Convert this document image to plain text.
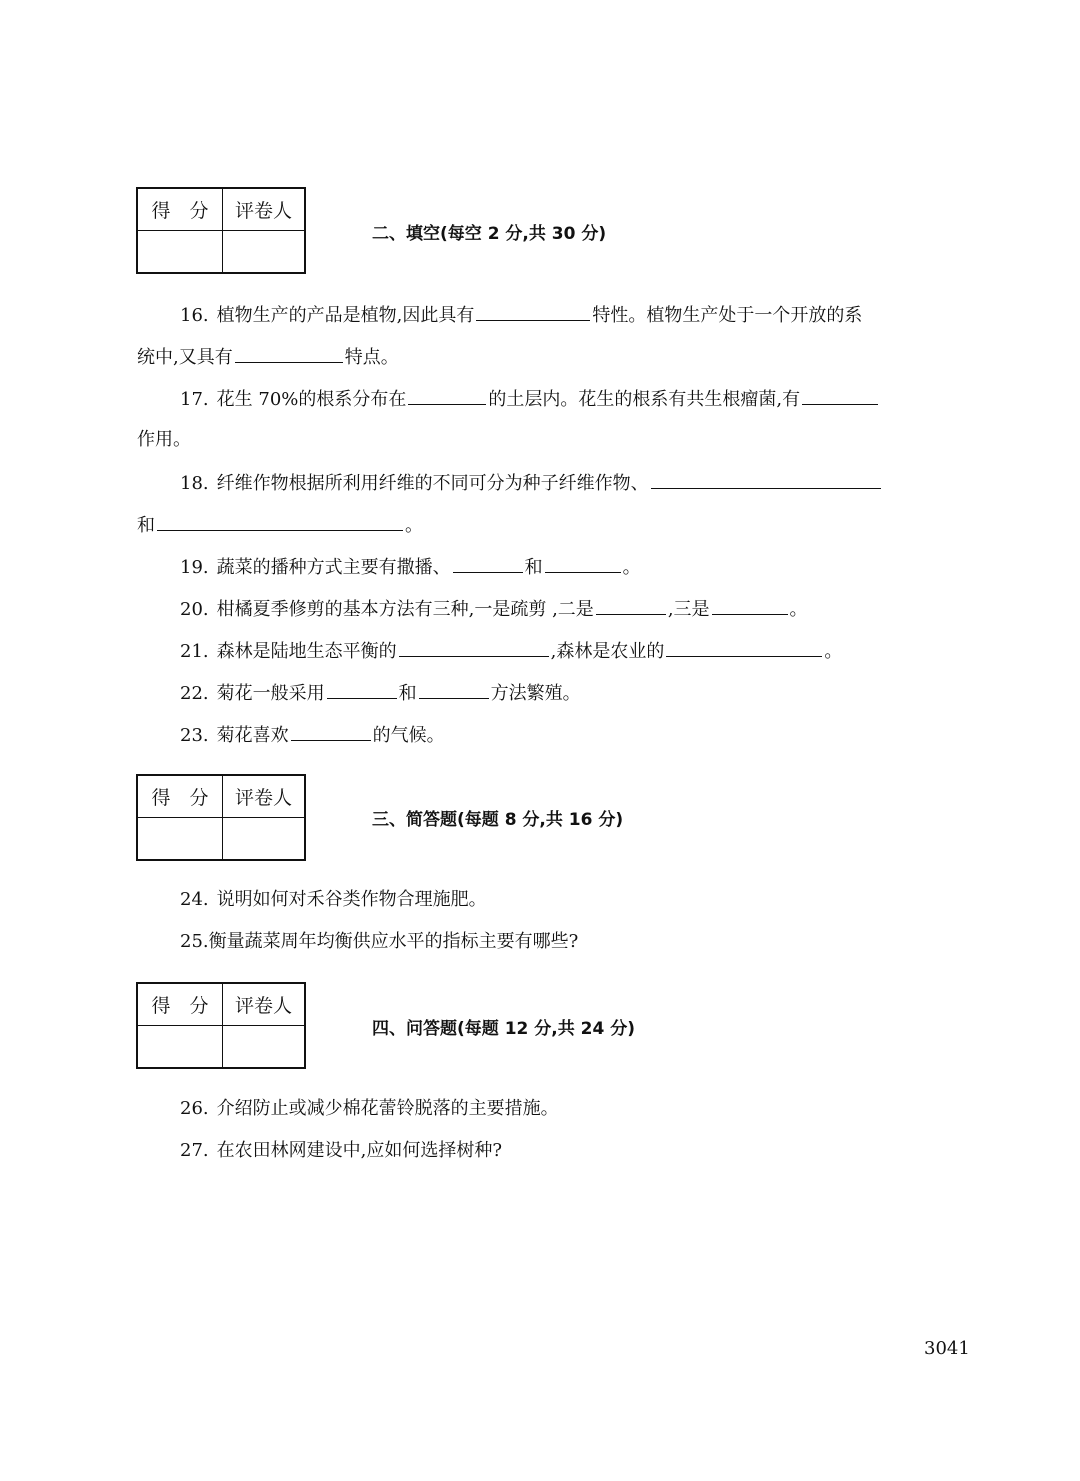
得　分	评卷人

二、填空(每空 2 分,共 30 分)
16. 植物生产的产品是植物,因此具有	特性。植物生产处于一个开放的系
统中,又具有	特点。
17. 花生 70%的根系分布在	的土层内。花生的根系有共生根瘤菌,有
作用。
18. 纤维作物根据所利用纤维的不同可分为种子纤维作物、
和	。
19. 蔬菜的播种方式主要有撒播、	和	。
20. 柑橘夏季修剪的基本方法有三种,一是疏剪 ,二是	,三是	。
21. 森林是陆地生态平衡的	,森林是农业的	。
22. 菊花一般采用	和	方法繁殖。
23. 菊花喜欢	的气候。
得　分	评卷人

三、简答题(每题 8 分,共 16 分)
24. 说明如何对禾谷类作物合理施肥。
25.衡量蔬菜周年均衡供应水平的指标主要有哪些?
得　分	评卷人

四、问答题(每题 12 分,共 24 分)
26. 介绍防止或减少棉花蕾铃脱落的主要措施。
27. 在农田林网建设中,应如何选择树种?
3041
